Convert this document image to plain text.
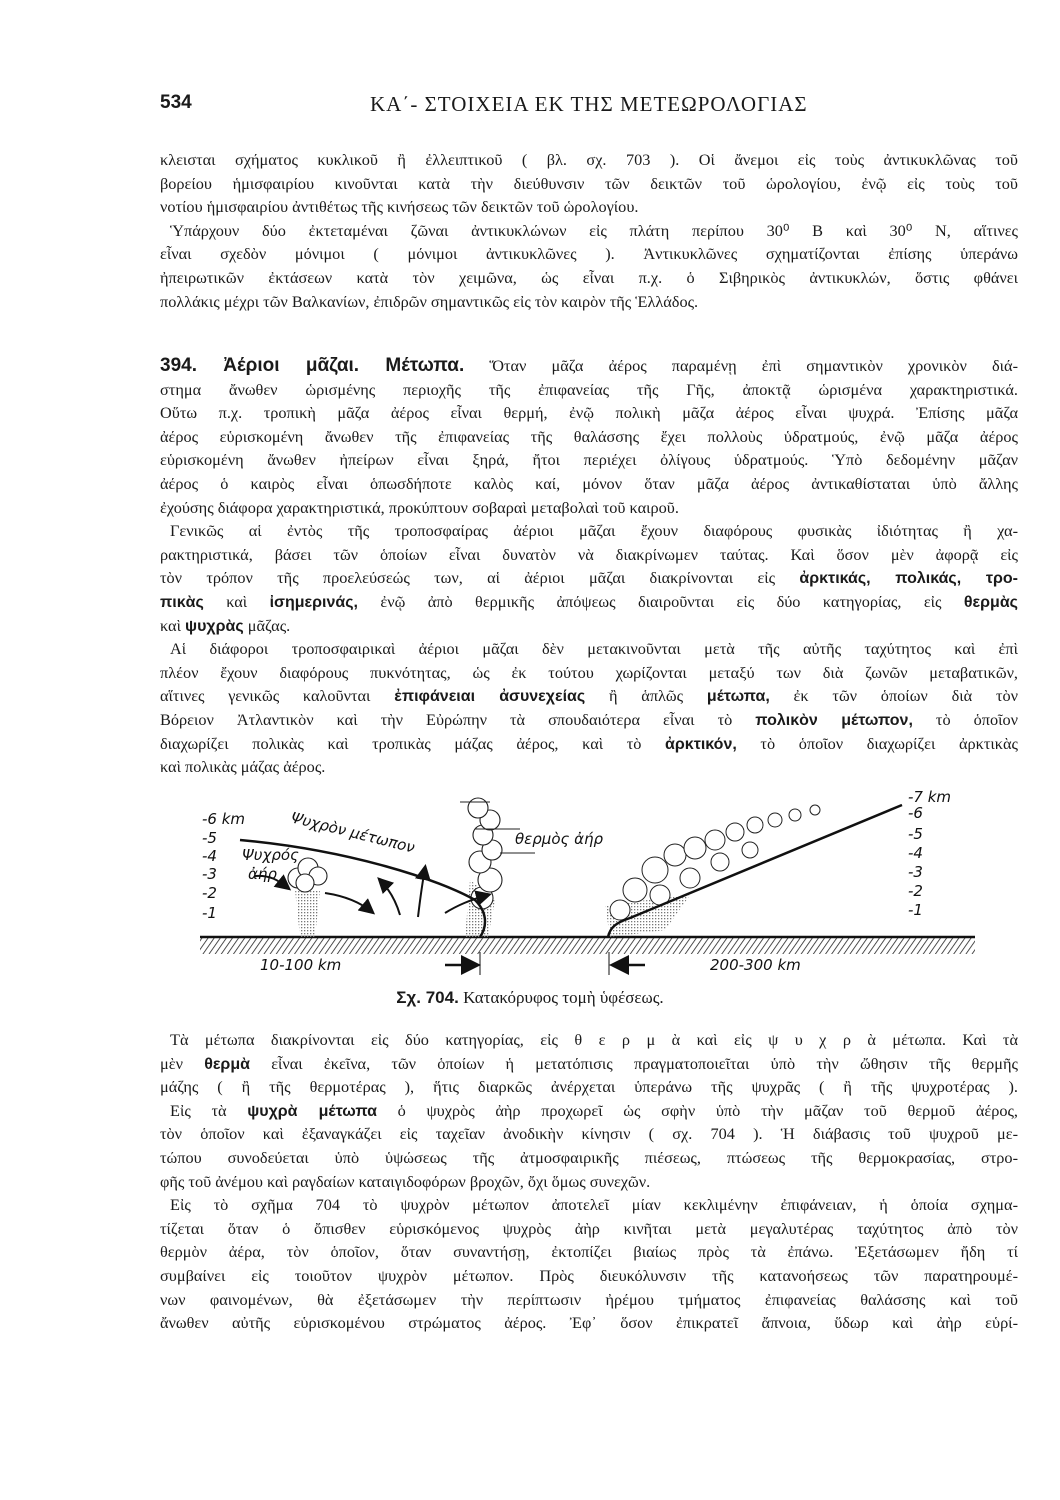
534	ΚΑ΄- ΣΤΟΙΧΕΙΑ ΕΚ ΤΗΣ ΜΕΤΕΩΡΟΛΟΓΙΑΣ
κλεισται σχήματος κυκλικοῦ ἢ ἐλλειπτικοῦ ( βλ. σχ. 703 ). Οἱ ἄνεμοι εἰς τοὺς ἀντικυκλῶνας τοῦ
βορείου ἡμισφαιρίου κινοῦνται κατὰ τὴν διεύθυνσιν τῶν δεικτῶν τοῦ ὡρολογίου, ἐνῷ εἰς τοὺς τοῦ
νοτίου ἡμισφαιρίου ἀντιθέτως τῆς κινήσεως τῶν δεικτῶν τοῦ ὡρολογίου.
Ὑπάρχουν δύο ἐκτεταμέναι ζῶναι ἀντικυκλώνων εἰς πλάτη περίπου 30⁰ Β καὶ 30⁰ Ν, αἵτινες
εἶναι σχεδὸν μόνιμοι ( μόνιμοι ἀντικυκλῶνες ). Ἀντικυκλῶνες σχηματίζονται ἐπίσης ὑπεράνω
ἠπειρωτικῶν ἐκτάσεων κατὰ τὸν χειμῶνα, ὡς εἶναι π.χ. ὁ Σιβηρικὸς ἀντικυκλών, ὅστις φθάνει
πολλάκις μέχρι τῶν Βαλκανίων, ἐπιδρῶν σημαντικῶς εἰς τὸν καιρὸν τῆς Ἑλλάδος.
394. Ἀέριοι μᾶζαι. Μέτωπα. Ὅταν μᾶζα ἀέρος παραμένῃ ἐπὶ σημαντικὸν χρονικὸν διά-
στημα ἄνωθεν ὡρισμένης περιοχῆς τῆς ἐπιφανείας τῆς Γῆς, ἀποκτᾷ ὡρισμένα χαρακτηριστικά.
Οὕτω π.χ. τροπικὴ μᾶζα ἀέρος εἶναι θερμή, ἐνῷ πολικὴ μᾶζα ἀέρος εἶναι ψυχρά. Ἐπίσης μᾶζα
ἀέρος εὑρισκομένη ἄνωθεν τῆς ἐπιφανείας τῆς θαλάσσης ἔχει πολλοὺς ὑδρατμούς, ἐνῷ μᾶζα ἀέρος
εὑρισκομένη ἄνωθεν ἠπείρων εἶναι ξηρά, ἤτοι περιέχει ὀλίγους ὑδρατμούς. Ὑπὸ δεδομένην μᾶζαν
ἀέρος ὁ καιρὸς εἶναι ὁπωσδήποτε καλὸς καί, μόνον ὅταν μᾶζα ἀέρος ἀντικαθίσταται ὑπὸ ἄλλης
ἐχούσης διάφορα χαρακτηριστικά, προκύπτουν σοβαραὶ μεταβολαὶ τοῦ καιροῦ.
Γενικῶς αἱ ἐντὸς τῆς τροποσφαίρας ἀέριοι μᾶζαι ἔχουν διαφόρους φυσικὰς ἰδιότητας ἢ χα-
ρακτηριστικά, βάσει τῶν ὁποίων εἶναι δυνατὸν νὰ διακρίνωμεν ταύτας. Καὶ ὅσον μὲν ἀφορᾷ εἰς
τὸν τρόπον τῆς προελεύσεώς των, αἱ ἀέριοι μᾶζαι διακρίνονται εἰς ἀρκτικάς, πολικάς, τρο-
πικὰς καὶ ἰσημερινάς, ἐνῷ ἀπὸ θερμικῆς ἀπόψεως διαιροῦνται εἰς δύο κατηγορίας, εἰς θερμὰς
καὶ ψυχρὰς μᾶζας.
Αἱ διάφοροι τροποσφαιρικαὶ ἀέριοι μᾶζαι δὲν μετακινοῦνται μετὰ τῆς αὐτῆς ταχύτητος καὶ ἐπὶ
πλέον ἔχουν διαφόρους πυκνότητας, ὡς ἐκ τούτου χωρίζονται μεταξύ των διὰ ζωνῶν μεταβατικῶν,
αἵτινες γενικῶς καλοῦνται ἐπιφάνειαι ἀσυνεχείας ἢ ἁπλῶς μέτωπα, ἐκ τῶν ὁποίων διὰ τὸν
Βόρειον Ἀτλαντικὸν καὶ τὴν Εὐρώπην τὰ σπουδαιότερα εἶναι τὸ πολικὸν μέτωπον, τὸ ὁποῖον
διαχωρίζει πολικὰς καὶ τροπικὰς μάζας ἀέρος, καὶ τὸ ἀρκτικόν, τὸ ὁποῖον διαχωρίζει ἀρκτικὰς
καὶ πολικὰς μάζας ἀέρος.
Τὰ μέτωπα διακρίνονται εἰς δύο κατηγορίας, εἰς θ ε ρ μ ὰ καὶ εἰς ψ υ χ ρ ὰ μέτωπα. Καὶ τὰ
μὲν θερμὰ εἶναι ἐκεῖνα, τῶν ὁποίων ἡ μετατόπισις πραγματοποιεῖται ὑπὸ τὴν ὤθησιν τῆς θερμῆς
μάζης ( ἢ τῆς θερμοτέρας ), ἥτις διαρκῶς ἀνέρχεται ὑπεράνω τῆς ψυχρᾶς ( ἢ τῆς ψυχροτέρας ).
Εἰς τὰ ψυχρὰ μέτωπα ὁ ψυχρὸς ἀὴρ προχωρεῖ ὡς σφὴν ὑπὸ τὴν μᾶζαν τοῦ θερμοῦ ἀέρος,
τὸν ὁποῖον καὶ ἐξαναγκάζει εἰς ταχεῖαν ἀνοδικὴν κίνησιν ( σχ. 704 ). Ἡ διάβασις τοῦ ψυχροῦ με-
τώπου συνοδεύεται ὑπὸ ὑψώσεως τῆς ἀτμοσφαιρικῆς πιέσεως, πτώσεως τῆς θερμοκρασίας, στρο-
φῆς τοῦ ἀνέμου καὶ ραγδαίων καταιγιδοφόρων βροχῶν, ὄχι ὅμως συνεχῶν.
Εἰς τὸ σχῆμα 704 τὸ ψυχρὸν μέτωπον ἀποτελεῖ μίαν κεκλιμένην ἐπιφάνειαν, ἡ ὁποία σχημα-
τίζεται ὅταν ὁ ὄπισθεν εὑρισκόμενος ψυχρὸς ἀὴρ κινῆται μετὰ μεγαλυτέρας ταχύτητος ἀπὸ τὸν
θερμὸν ἀέρα, τὸν ὁποῖον, ὅταν συναντήσῃ, ἐκτοπίζει βιαίως πρὸς τὰ ἐπάνω. Ἐξετάσωμεν ἤδη τί
συμβαίνει εἰς τοιοῦτον ψυχρὸν μέτωπον. Πρὸς διευκόλυνσιν τῆς κατανοήσεως τῶν παρατηρουμέ-
νων φαινομένων, θὰ ἐξετάσωμεν τὴν περίπτωσιν ἠρέμου τμήματος ἐπιφανείας θαλάσσης καὶ τοῦ
ἄνωθεν αὐτῆς εὑρισκομένου στρώματος ἀέρος. Ἐφ᾽ ὅσον ἐπικρατεῖ ἄπνοια, ὕδωρ καὶ ἀὴρ εὑρί-
-6 km
-5
-4
-3
-2
-1
-7 km
-6
-5
-4
-3
-2
-1
Ψυχρὸν μέτωπον
Ψυχρός
ἀήρ
θερμὸς ἀήρ
10-100 km	200-300 km
Σχ. 704. Κατακόρυφος τομὴ ὑφέσεως.
